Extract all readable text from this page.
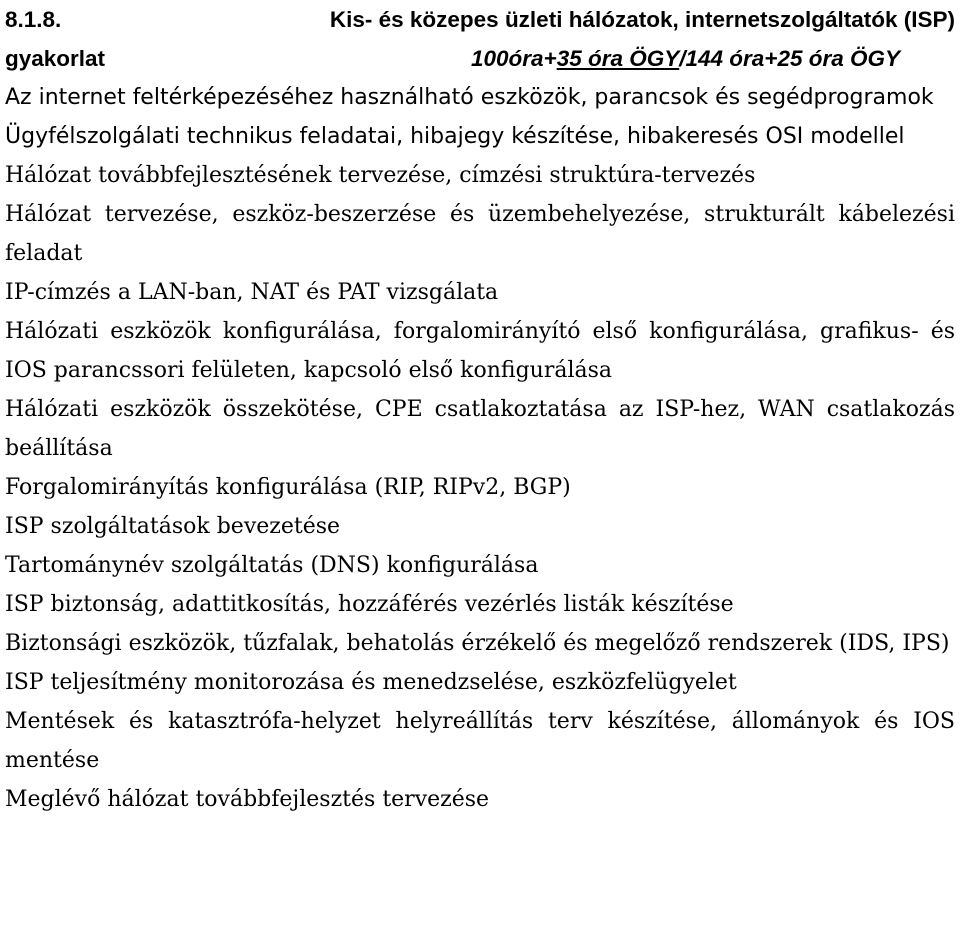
8.1.8.	Kis- és közepes üzleti hálózatok, internetszolgáltatók (ISP)
gyakorlat	100óra+35 óra ÖGY/144 óra+25 óra ÖGY
Az internet feltérképezéséhez használható eszközök, parancsok és segédprogramok
Ügyfélszolgálati technikus feladatai, hibajegy készítése, hibakeresés OSI modellel
Hálózat továbbfejlesztésének tervezése, címzési struktúra-tervezés
Hálózat tervezése, eszköz-beszerzése és üzembehelyezése, strukturált kábelezési feladat
IP-címzés a LAN-ban, NAT és PAT vizsgálata
Hálózati eszközök konfigurálása, forgalomirányító első konfigurálása, grafikus- és IOS parancssori felületen, kapcsoló első konfigurálása
Hálózati eszközök összekötése, CPE csatlakoztatása az ISP-hez, WAN csatlakozás beállítása
Forgalomirányítás konfigurálása (RIP, RIPv2, BGP)
ISP szolgáltatások bevezetése
Tartománynév szolgáltatás (DNS) konfigurálása
ISP biztonság, adattitkosítás, hozzáférés vezérlés listák készítése
Biztonsági eszközök, tűzfalak, behatolás érzékelő és megelőző rendszerek (IDS, IPS)
ISP teljesítmény monitorozása és menedzselése, eszközfelügyelet
Mentések és katasztrófa-helyzet helyreállítás terv készítése, állományok és IOS mentése
Meglévő hálózat továbbfejlesztés tervezése
